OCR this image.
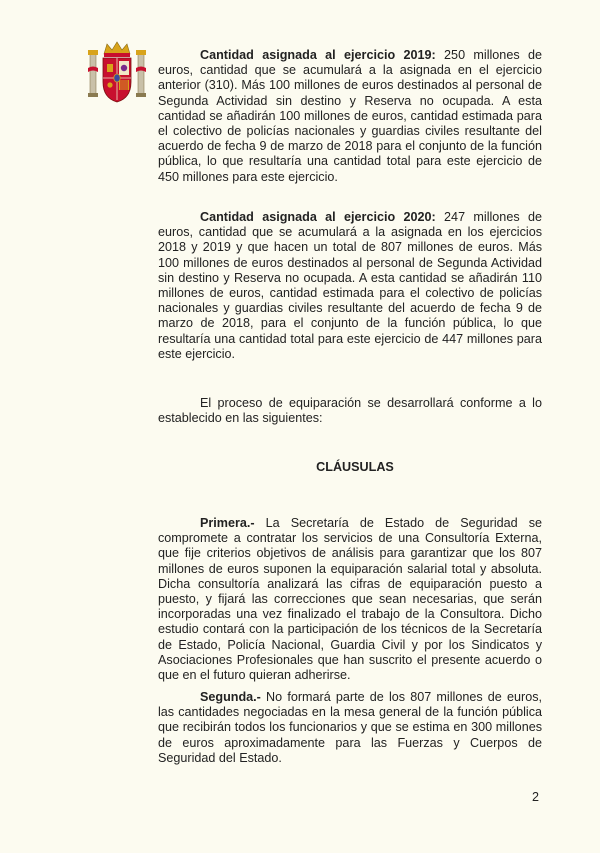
Cantidad asignada al ejercicio 2019: 250 millones de euros, cantidad que se acumulará a la asignada en el ejercicio anterior (310). Más 100 millones de euros destinados al personal de Segunda Actividad sin destino y Reserva no ocupada. A esta cantidad se añadirán 100 millones de euros, cantidad estimada para el colectivo de policías nacionales y guardias civiles resultante del acuerdo de fecha 9 de marzo de 2018 para el conjunto de la función pública, lo que resultaría una cantidad total para este ejercicio de 450 millones para este ejercicio.

Cantidad asignada al ejercicio 2020: 247 millones de euros, cantidad que se acumulará a la asignada en los ejercicios 2018 y 2019 y que hacen un total de 807 millones de euros. Más 100 millones de euros destinados al personal de Segunda Actividad sin destino y Reserva no ocupada. A esta cantidad se añadirán 110 millones de euros, cantidad estimada para el colectivo de policías nacionales y guardias civiles resultante del acuerdo de fecha 9 de marzo de 2018, para el conjunto de la función pública, lo que resultaría una cantidad total para este ejercicio de 447 millones para este ejercicio.

El proceso de equiparación se desarrollará conforme a lo establecido en las siguientes:

CLÁUSULAS

Primera.- La Secretaría de Estado de Seguridad se compromete a contratar los servicios de una Consultoría Externa, que fije criterios objetivos de análisis para garantizar que los 807 millones de euros suponen la equiparación salarial total y absoluta. Dicha consultoría analizará las cifras de equiparación puesto a puesto, y fijará las correcciones que sean necesarias, que serán incorporadas una vez finalizado el trabajo de la Consultora. Dicho estudio contará con la participación de los técnicos de la Secretaría de Estado, Policía Nacional, Guardia Civil y por los Sindicatos y Asociaciones Profesionales que han suscrito el presente acuerdo o que en el futuro quieran adherirse.

Segunda.- No formará parte de los 807 millones de euros, las cantidades negociadas en la mesa general de la función pública que recibirán todos los funcionarios y que se estima en 300 millones de euros aproximadamente para las Fuerzas y Cuerpos de Seguridad del Estado.

2
